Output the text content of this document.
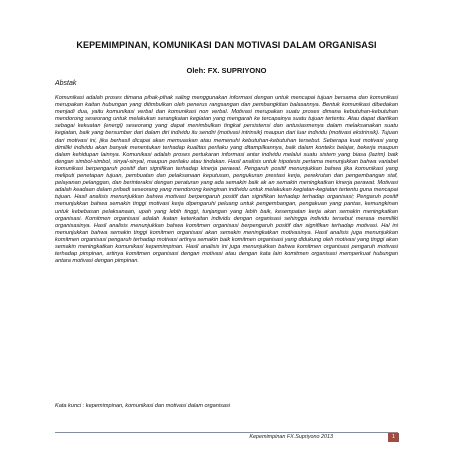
KEPEMIMPINAN, KOMUNIKASI DAN MOTIVASI DALAM ORGANISASI
Oleh: FX. SUPRIYONO
Abstak

Komunikasi adalah proses dimana pihak-pihak saling menggunakan informasi dengan untuk mencapai tujuan bersama dan komunikasi merupakan kaitan hubungan yang ditimbulkan oleh penerus rangsangan dan pembangkitan balasannya. Bentuk komunikasi dibedakan menjadi dua, yaitu komunikasi verbal dan komunikasi non verbal. Motivasi merupakan suatu proses dimana kebutuhan-kebutuhan mendorong seseorang untuk melakukan serangkaian kegiatan yang mengarah ke tercapainya suatu tujuan tertentu. Atau dapat diartikan sebagai kekuatan (energi) seseorang yang dapat menimbulkan tingkat persistensi dan antusiasmenya dalam melaksanakan suatu kegiatan, baik yang bersumber dari dalam diri individu itu sendiri (motivasi intrinsik) maupun dari luar individu (motivasi ekstrinsik). Tujuan dari motivasi ini, jika berhasil dicapai akan memuaskan atau memenuhi kebutuhan-kebutuhan tersebut. Seberapa kuat motivasi yang dimiliki individu akan banyak menentukan terhadap kualitas perilaku yang ditampilkannya, baik dalam konteks belajar, bekerja maupun dalam kehidupan lainnya. Komunikasi adalah proses pertukaran informasi antar individu melalui suatu sistem yang biasa (lazim) baik dengan simbol-simbol, sinyal-sinyal, maupun perilaku atau tindakan. Hasil analisis untuk hipotesis pertama menunjukkan bahwa variabel komunikasi berpengaruh positif dan signifikan terhadap kinerja perawat. Pengaruh positif menunjukkan bahwa jika komunikasi yang meliputi penetapan tujuan, pembuatan dan pelaksanaan keputusan, pengukuran prestasi kerja, perekrutan dan pengembangan staf, pelayanan pelanggan, dan berinteraksi dengan peraturan yang ada semakin baik ak an semakin meningkatkan kinerja perawat. Motivasi adalah keadaan dalam pribadi seseorang yang mendorong keinginan individu untuk melakukan kegiatan-kegiatan tertentu guna mencapai tujuan. Hasil analisis menunjukkan bahwa motivasi berpengaruh positif dan signifikan terhadap terhadap organisasi; Pengaruh positif menunjukkan bahwa semakin tinggi motivasi kerja dipengaruhi peluang untuk pengembangan, pengakuan yang pantas, kemungkinan untuk kebebasan pelaksanaan, upah yang lebih tinggi, tunjangan yang lebih baik, kesempatan kerja akan semakin meningkatkan organisasi. Komitmen organisasi adalah ikatan keterkaitan individu dengan organisasi sehingga individu tersebut merasa memiliki organisasinya. Hasil analisis menunjukkan bahwa komitmen organisasi berpengaruh positif dan signifikan terhadap motivasi. Hal ini menunjukkan bahwa semakin tinggi komitmen organisasi akan semakin meningkatkan motivasinya. Hasil analisis juga menunjukkan komitmen organisasi pengaruh terhadap motivasi artinya semakin baik komitmen organisasi yang didukung oleh motivasi yang tinggi akan semakin meningkatkan komunikasi kepemimpinan. Hasil analisis ini juga menunjukkan bahwa komitmen organisasi pengaruh motivasi terhadap pimpinan, artinya komitmen organisasi dengan motivasi atau dengan kata lain komitmen organisasi memperkuat hubungan antara motivasi dengan pimpinan.

Kata kunci : kepemimpinan, komunikasi dan motivasi dalam organisasi

Kepemimpinan FX.Supriyono 2013	1
